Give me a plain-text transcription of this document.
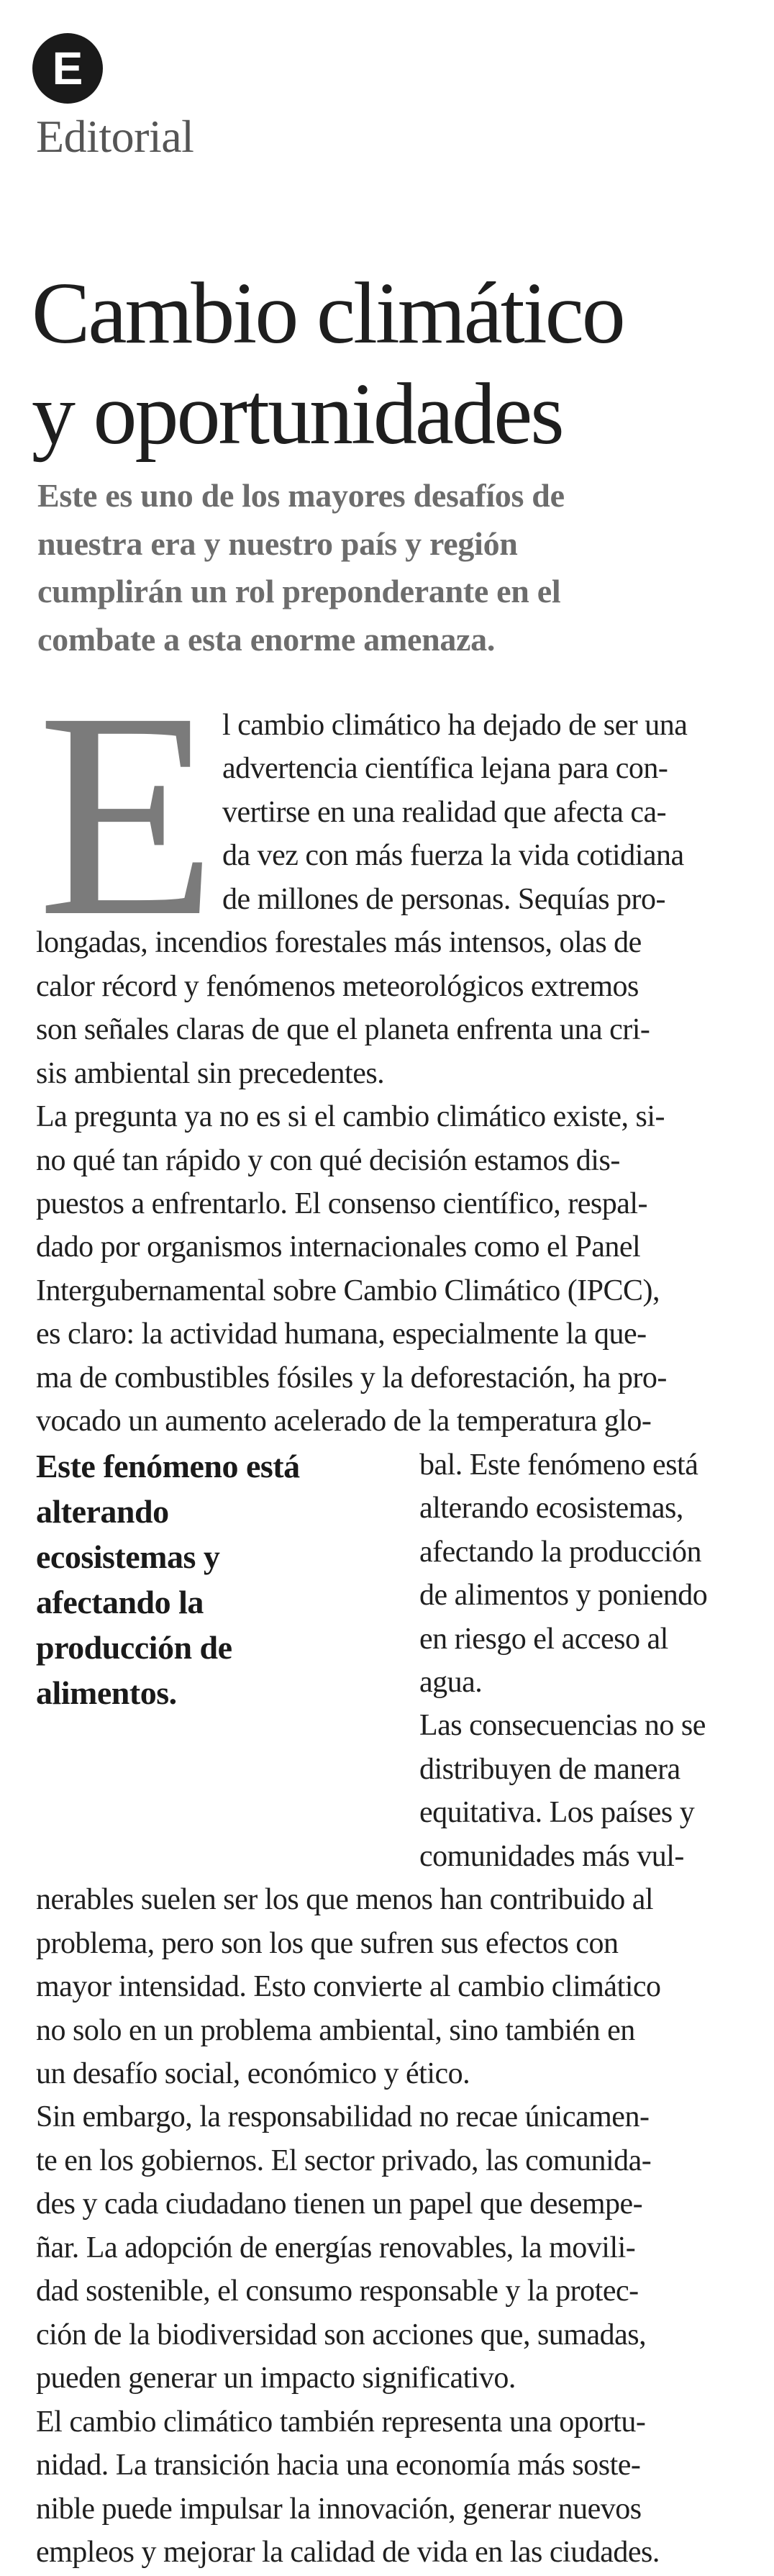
E
Editorial
Cambio climático
y oportunidades

Este es uno de los mayores desafíos de
nuestra era y nuestro país y región
cumplirán un rol preponderante en el
combate a esta enorme amenaza.

E l cambio climático ha dejado de ser una
advertencia científica lejana para con-
vertirse en una realidad que afecta ca-
da vez con más fuerza la vida cotidiana
de millones de personas. Sequías pro-
longadas, incendios forestales más intensos, olas de
calor récord y fenómenos meteorológicos extremos
son señales claras de que el planeta enfrenta una cri-
sis ambiental sin precedentes.
La pregunta ya no es si el cambio climático existe, si-
no qué tan rápido y con qué decisión estamos dis-
puestos a enfrentarlo. El consenso científico, respal-
dado por organismos internacionales como el Panel
Intergubernamental sobre Cambio Climático (IPCC),
es claro: la actividad humana, especialmente la que-
ma de combustibles fósiles y la deforestación, ha pro-
vocado un aumento acelerado de la temperatura glo-
bal. Este fenómeno está
alterando ecosistemas,
afectando la producción
de alimentos y poniendo
en riesgo el acceso al
agua.
Las consecuencias no se
distribuyen de manera
equitativa. Los países y
comunidades más vul-
nerables suelen ser los que menos han contribuido al
problema, pero son los que sufren sus efectos con
mayor intensidad. Esto convierte al cambio climático
no solo en un problema ambiental, sino también en
un desafío social, económico y ético.
Sin embargo, la responsabilidad no recae únicamen-
te en los gobiernos. El sector privado, las comunida-
des y cada ciudadano tienen un papel que desempe-
ñar. La adopción de energías renovables, la movili-
dad sostenible, el consumo responsable y la protec-
ción de la biodiversidad son acciones que, sumadas,
pueden generar un impacto significativo.
El cambio climático también representa una oportu-
nidad. La transición hacia una economía más soste-
nible puede impulsar la innovación, generar nuevos
empleos y mejorar la calidad de vida en las ciudades.

Este fenómeno está
alterando
ecosistemas y
afectando la
producción de
alimentos.
